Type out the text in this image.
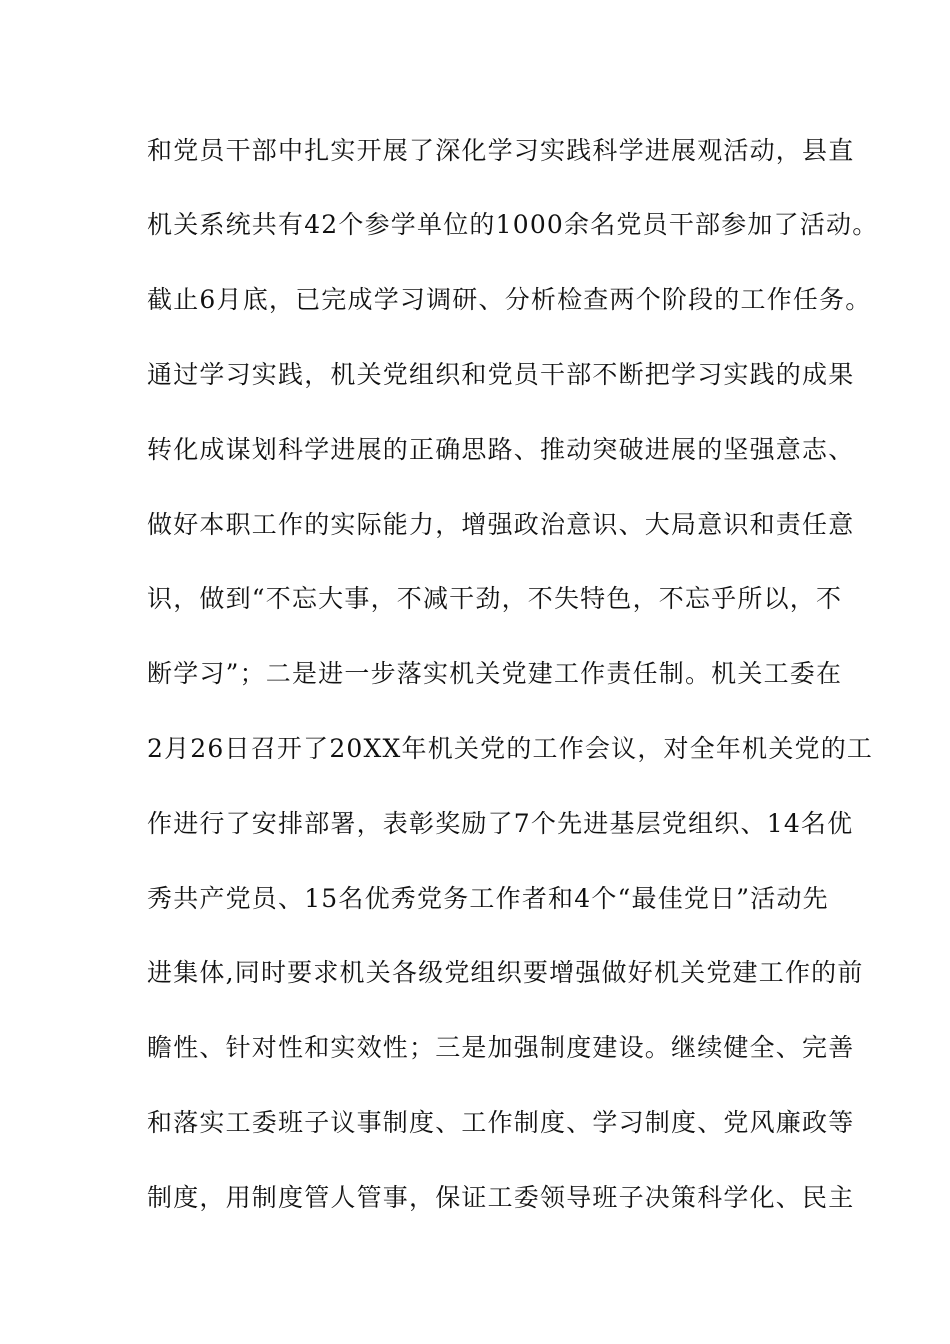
和党员干部中扎实开展了深化学习实践科学进展观活动，县直
机关系统共有42个参学单位的1000余名党员干部参加了活动。
截止6月底，已完成学习调研、分析检查两个阶段的工作任务。
通过学习实践，机关党组织和党员干部不断把学习实践的成果
转化成谋划科学进展的正确思路、推动突破进展的坚强意志、
做好本职工作的实际能力，增强政治意识、大局意识和责任意
识，做到“不忘大事，不减干劲，不失特色，不忘乎所以，不
断学习”；二是进一步落实机关党建工作责任制。机关工委在
2月26日召开了20XX年机关党的工作会议，对全年机关党的工
作进行了安排部署，表彰奖励了7个先进基层党组织、14名优
秀共产党员、15名优秀党务工作者和4个“最佳党日”活动先
进集体,同时要求机关各级党组织要增强做好机关党建工作的前
瞻性、针对性和实效性；三是加强制度建设。继续健全、完善
和落实工委班子议事制度、工作制度、学习制度、党风廉政等
制度，用制度管人管事，保证工委领导班子决策科学化、民主
